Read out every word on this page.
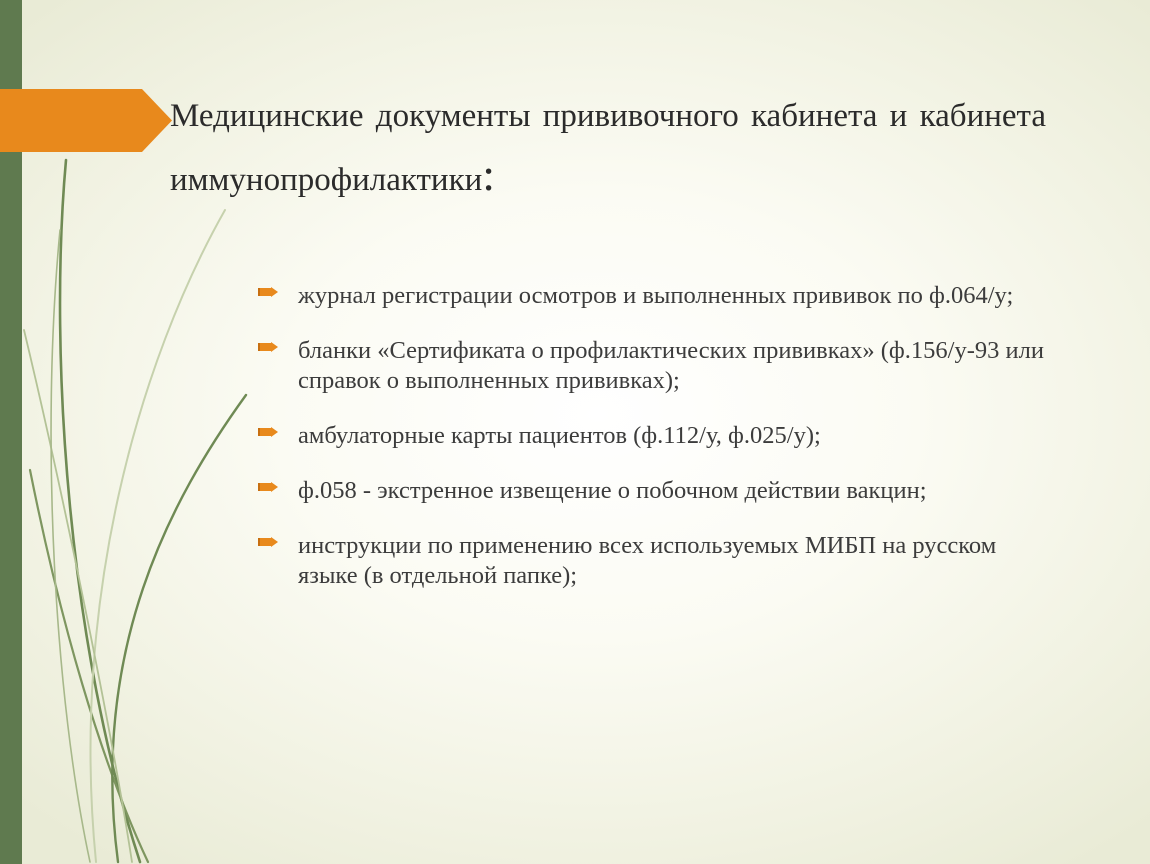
Медицинские документы прививочного кабинета и кабинета иммунопрофилактики:
журнал регистрации осмотров и выполненных прививок по ф.064/у;
бланки «Сертификата о профилактических прививках» (ф.156/у-93 или справок о выполненных прививках);
амбулаторные карты пациентов (ф.112/у, ф.025/у);
ф.058 - экстренное извещение о побочном действии вакцин;
инструкции по применению всех используемых МИБП на русском языке (в отдельной папке);
